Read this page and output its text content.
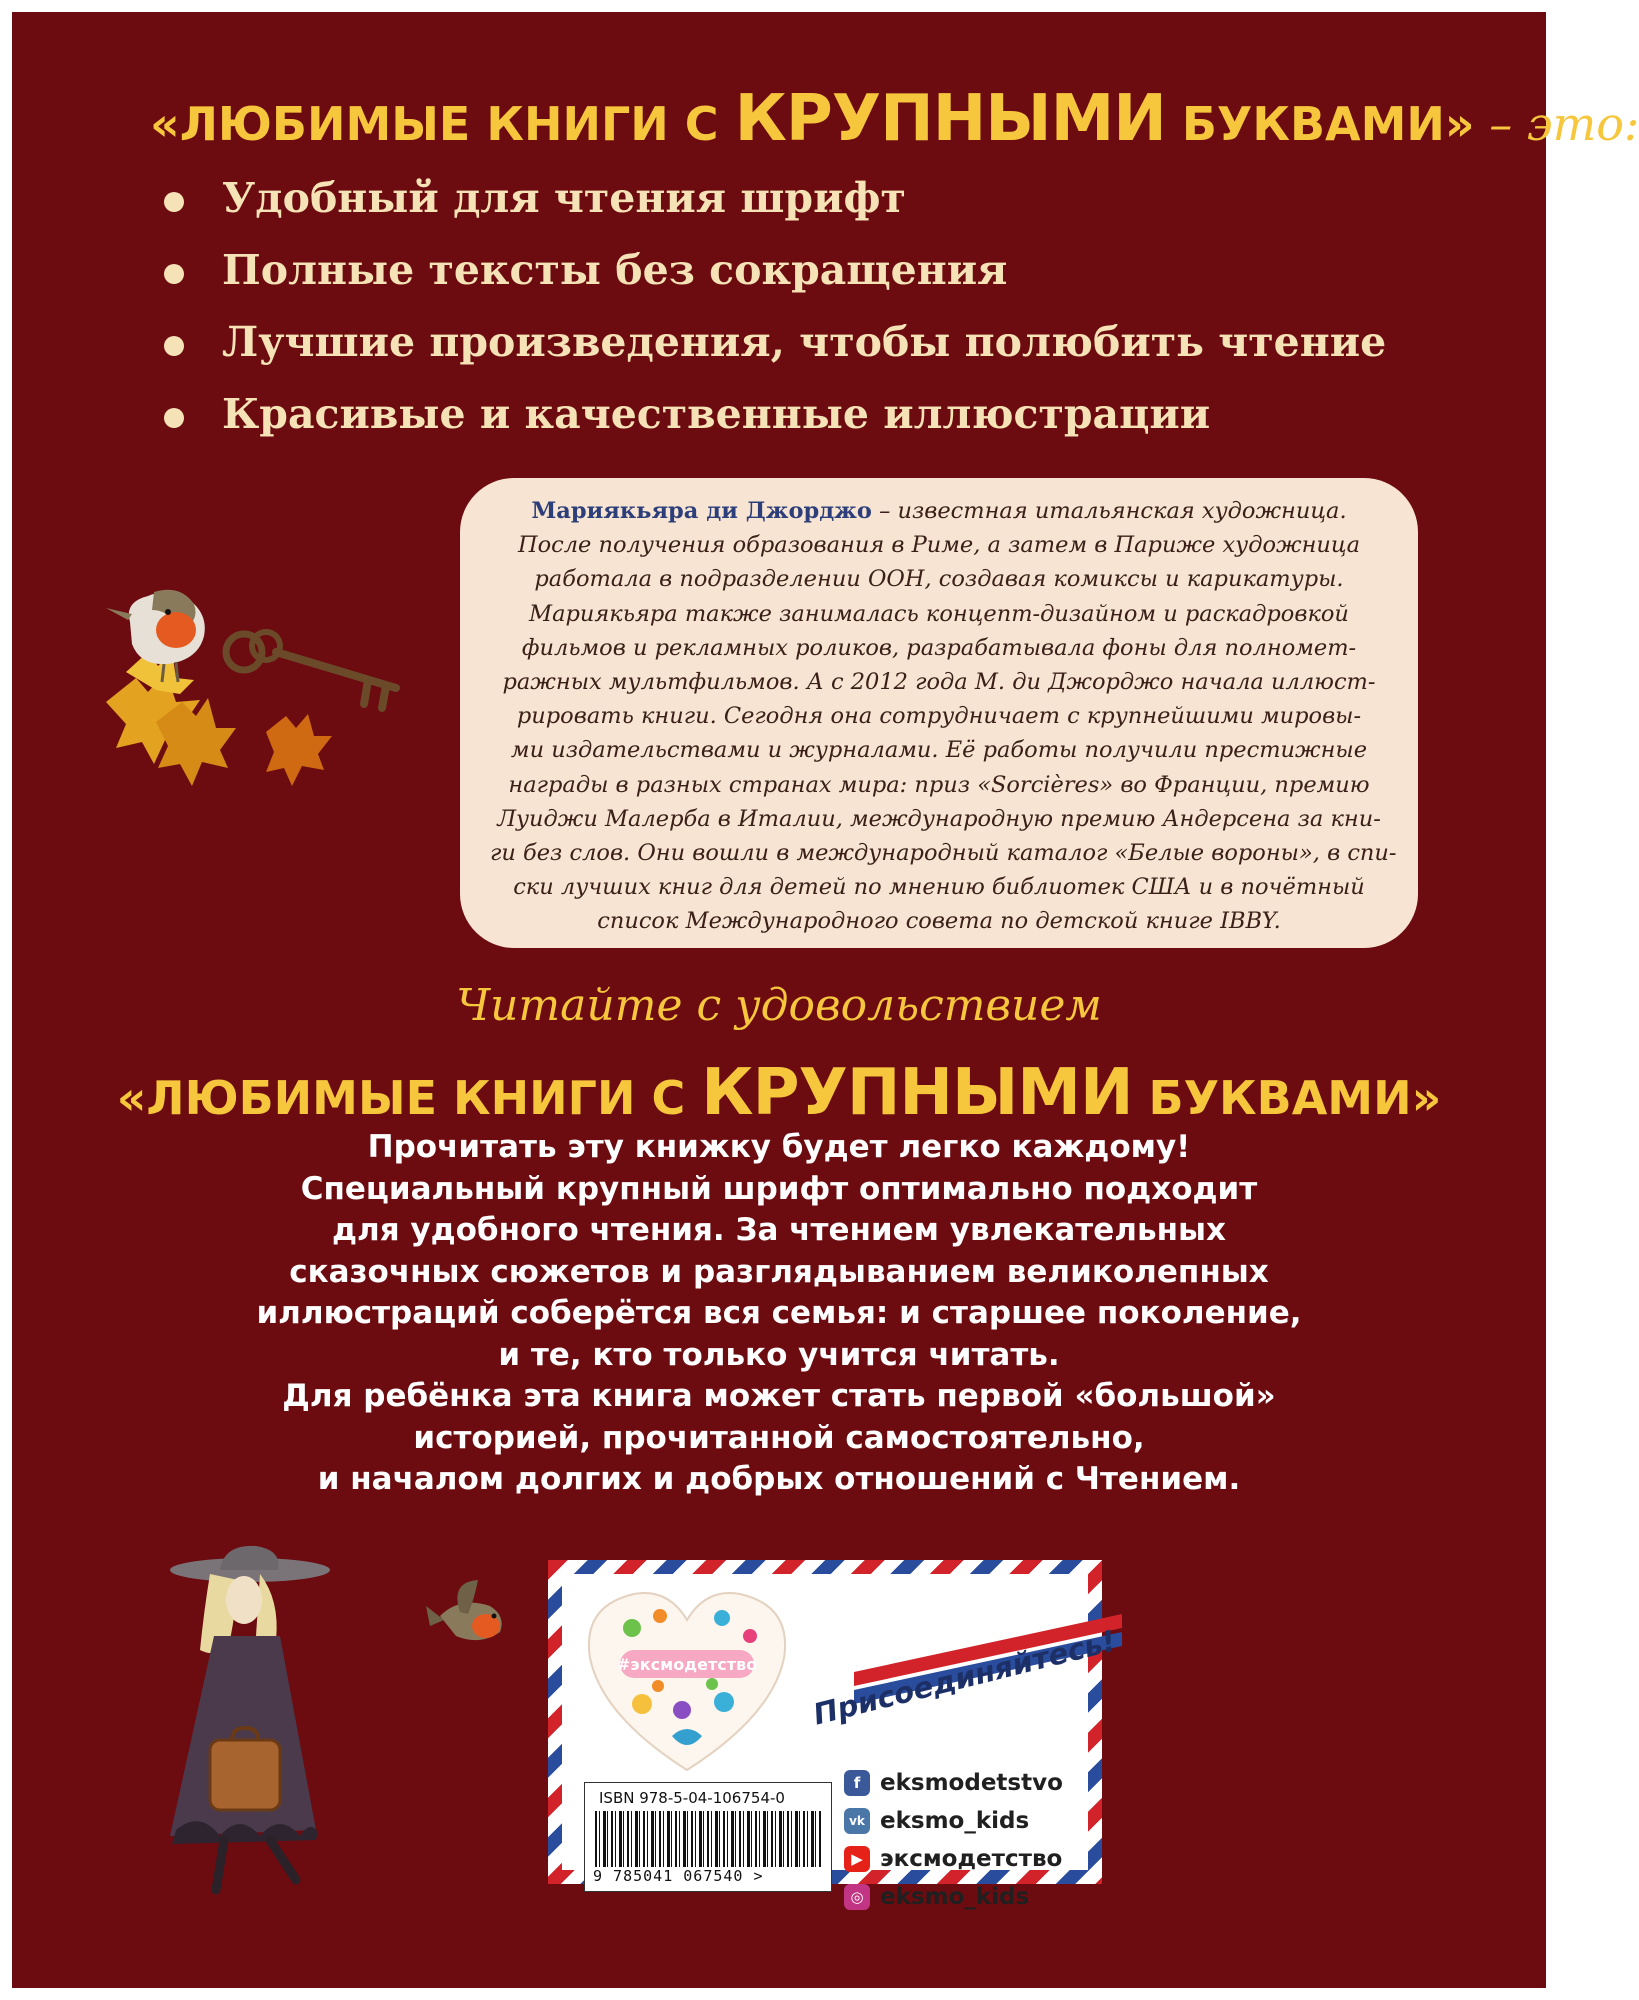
«ЛЮБИМЫЕ КНИГИ С КРУПНЫМИ БУКВАМИ» – это:
Удобный для чтения шрифт
Полные тексты без сокращения
Лучшие произведения, чтобы полюбить чтение
Красивые и качественные иллюстрации
Мариякьяра ди Джорджо – известная итальянская художница.
После получения образования в Риме, а затем в Париже художница
работала в подразделении ООН, создавая комиксы и карикатуры.
Мариякьяра также занималась концепт-дизайном и раскадровкой
фильмов и рекламных роликов, разрабатывала фоны для полномет-
ражных мультфильмов. А с 2012 года М. ди Джорджо начала иллюст-
рировать книги. Сегодня она сотрудничает с крупнейшими мировы-
ми издательствами и журналами. Её работы получили престижные
награды в разных странах мира: приз «Sorcières» во Франции, премию
Луиджи Малерба в Италии, международную премию Андерсена за кни-
ги без слов. Они вошли в международный каталог «Белые вороны», в спи-
ски лучших книг для детей по мнению библиотек США и в почётный
список Международного совета по детской книге IBBY.
Читайте с удовольствием
«ЛЮБИМЫЕ КНИГИ С КРУПНЫМИ БУКВАМИ»
Прочитать эту книжку будет легко каждому!
Специальный крупный шрифт оптимально подходит
для удобного чтения. За чтением увлекательных
сказочных сюжетов и разглядыванием великолепных
иллюстраций соберётся вся семья: и старшее поколение,
и те, кто только учится читать.
Для ребёнка эта книга может стать первой «большой»
историей, прочитанной самостоятельно,
и началом долгих и добрых отношений с Чтением.
#эксмодетство Присоединяйтесь!
f eksmodetstvo
vk eksmo_kids
▶ эксмодетство
◎ eksmo_kids
ISBN 978-5-04-106754-0
9 785041 067540 >
